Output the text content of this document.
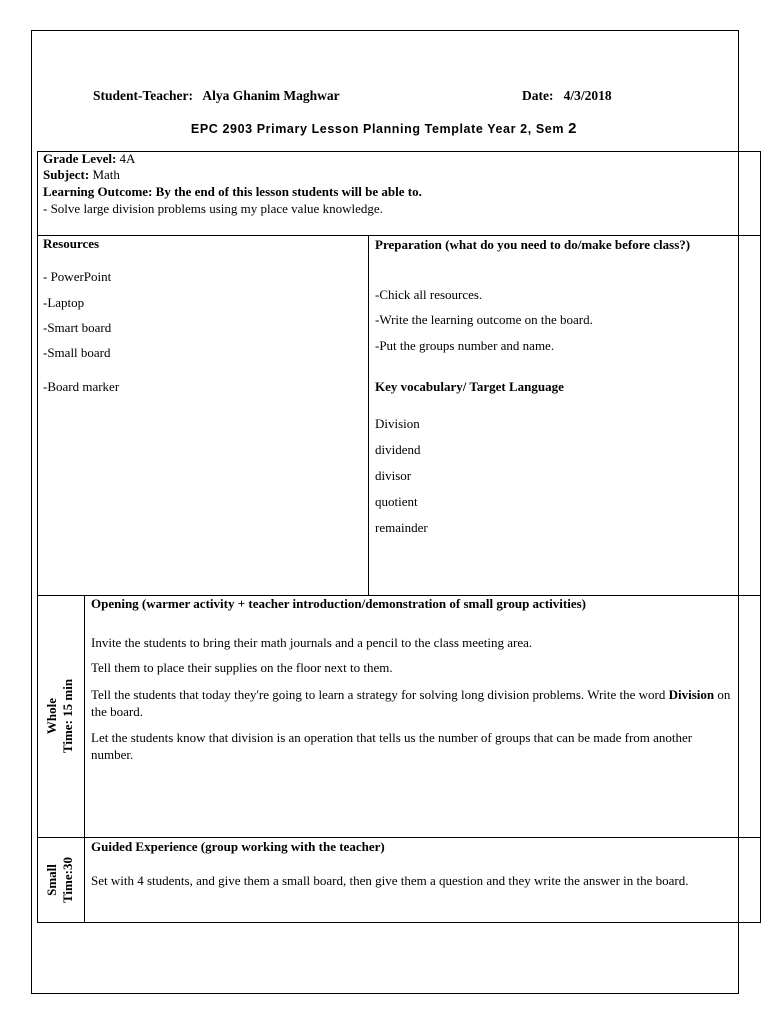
Student-Teacher: Alya Ghanim Maghwar	Date: 4/3/2018
EPC 2903 Primary Lesson Planning Template Year 2, Sem 2
Grade Level: 4A
Subject: Math
Learning Outcome: By the end of this lesson students will be able to.
- Solve large division problems using my place value knowledge.
Resources
- PowerPoint
-Laptop
-Smart board
-Small board
-Board marker
Preparation (what do you need to do/make before class?)
-Chick all resources.
-Write the learning outcome on the board.
-Put the groups number and name.
Key vocabulary/ Target Language
Division
dividend
divisor
quotient
remainder
Whole Time: 15 min
Opening (warmer activity + teacher introduction/demonstration of small group activities)
Invite the students to bring their math journals and a pencil to the class meeting area.
Tell them to place their supplies on the floor next to them.
Tell the students that today they're going to learn a strategy for solving long division problems. Write the word Division on the board.
Let the students know that division is an operation that tells us the number of groups that can be made from another number.
Small Time:30
Guided Experience (group working with the teacher)
Set with 4 students, and give them a small board, then give them a question and they write the answer in the board.
